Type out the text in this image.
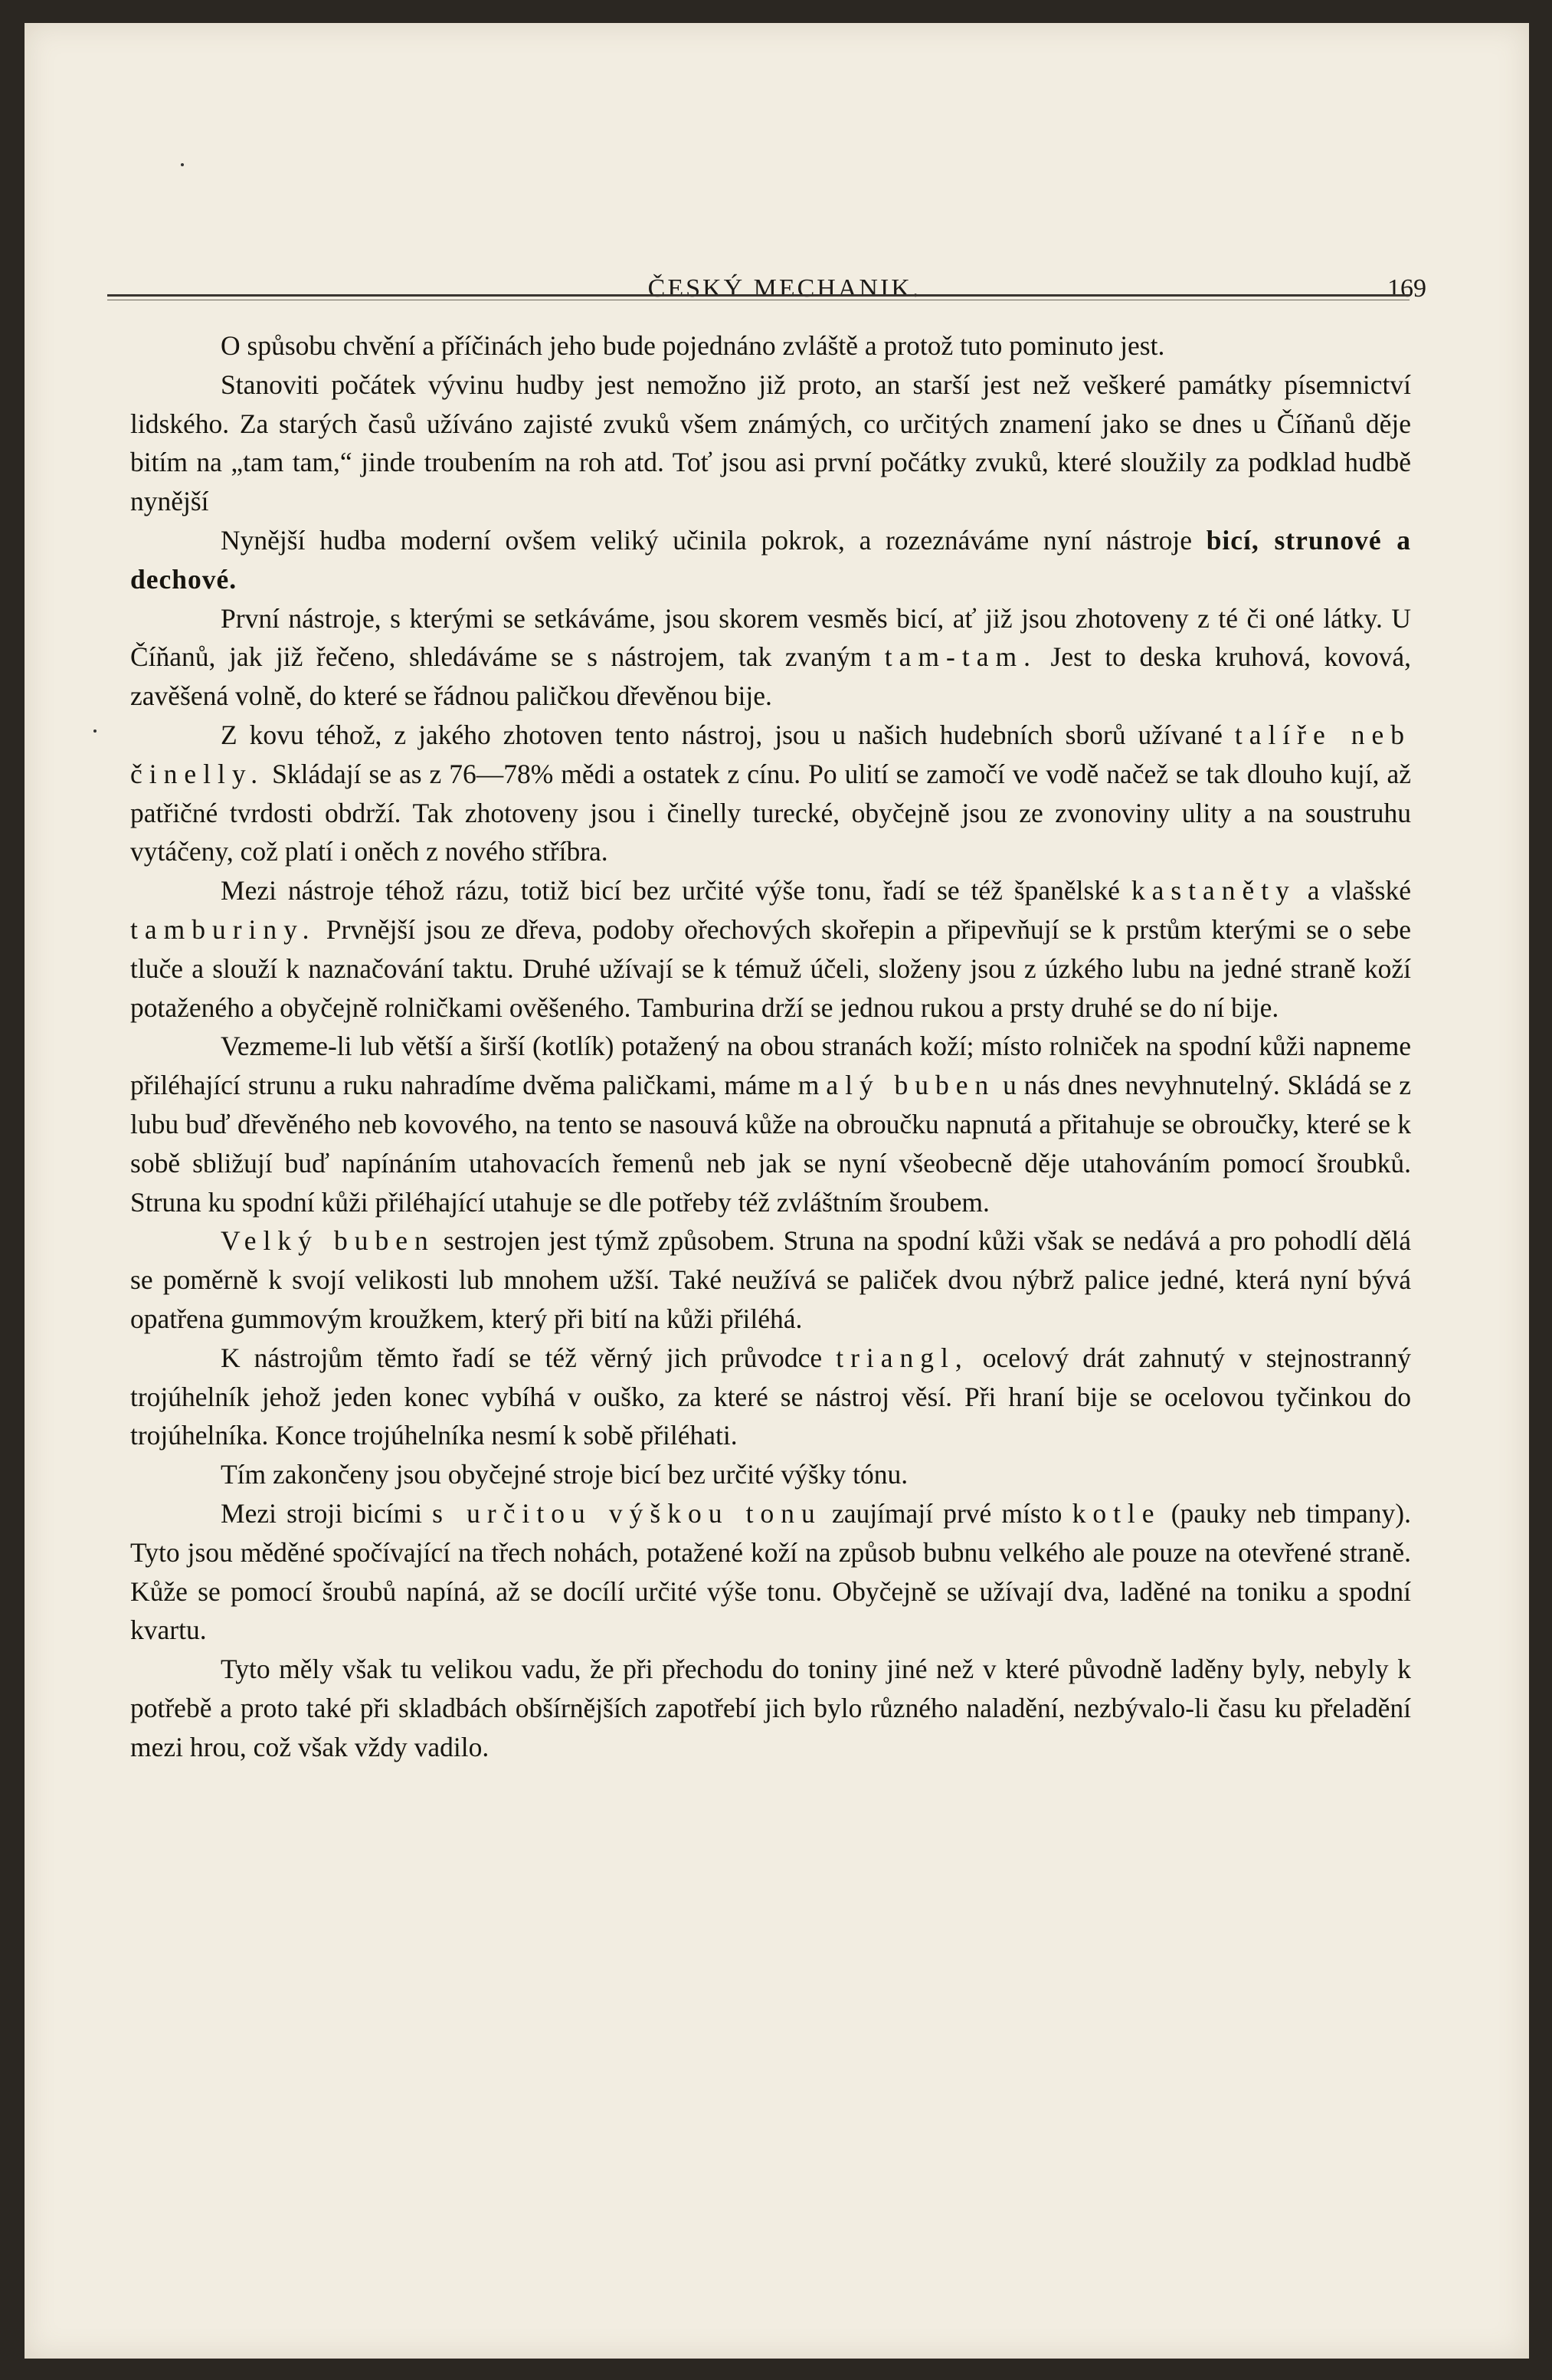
ČESKÝ MECHANIK.	169

O spůsobu chvění a příčinách jeho bude pojednáno zvláště a protož tuto pominuto jest.

Stanoviti počátek vývinu hudby jest nemožno již proto, an starší jest než veškeré památky písemnictví lidského. Za starých časů užíváno zajisté zvuků všem známých, co určitých znamení jako se dnes u Číňanů děje bitím na „tam tam,“ jinde troubením na roh atd. Toť jsou asi první počátky zvuků, které sloužily za podklad hudbě nynější

Nynější hudba moderní ovšem veliký učinila pokrok, a rozeznáváme nyní nástroje bicí, strunové a dechové.

První nástroje, s kterými se setkáváme, jsou skorem vesměs bicí, ať již jsou zhotoveny z té či oné látky. U Číňanů, jak již řečeno, shledáváme se s nástrojem, tak zvaným tam-tam. Jest to deska kruhová, kovová, zavěšená volně, do které se řádnou paličkou dřevěnou bije.

Z kovu téhož, z jakého zhotoven tento nástroj, jsou u našich hudebních sborů užívané talíře neb činelly. Skládají se as z 76—78% mědi a ostatek z cínu. Po ulití se zamočí ve vodě načež se tak dlouho kují, až patřičné tvrdosti obdrží. Tak zhotoveny jsou i činelly turecké, obyčejně jsou ze zvonoviny ulity a na soustruhu vytáčeny, což platí i oněch z nového stříbra.

Mezi nástroje téhož rázu, totiž bicí bez určité výše tonu, řadí se též španělské kastaněty a vlašské tamburiny. Prvnější jsou ze dřeva, podoby ořechových skořepin a připevňují se k prstům kterými se o sebe tluče a slouží k naznačování taktu. Druhé užívají se k témuž účeli, složeny jsou z úzkého lubu na jedné straně koží potaženého a obyčejně rolničkami ověšeného. Tamburina drží se jednou rukou a prsty druhé se do ní bije.

Vezmeme-li lub větší a širší (kotlík) potažený na obou stranách koží; místo rolniček na spodní kůži napneme přiléhající strunu a ruku nahradíme dvěma paličkami, máme malý buben u nás dnes nevyhnutelný. Skládá se z lubu buď dřevěného neb kovového, na tento se nasouvá kůže na obroučku napnutá a přitahuje se obroučky, které se k sobě sbližují buď napínáním utahovacích řemenů neb jak se nyní všeobecně děje utahováním pomocí šroubků. Struna ku spodní kůži přiléhající utahuje se dle potřeby též zvláštním šroubem.

Velký buben sestrojen jest týmž způsobem. Struna na spodní kůži však se nedává a pro pohodlí dělá se poměrně k svojí velikosti lub mnohem užší. Také neužívá se paliček dvou nýbrž palice jedné, která nyní bývá opatřena gummovým kroužkem, který při bití na kůži přiléhá.

K nástrojům těmto řadí se též věrný jich průvodce triangl, ocelový drát zahnutý v stejnostranný trojúhelník jehož jeden konec vybíhá v ouško, za které se nástroj věsí. Při hraní bije se ocelovou tyčinkou do trojúhelníka. Konce trojúhelníka nesmí k sobě přiléhati.

Tím zakončeny jsou obyčejné stroje bicí bez určité výšky tónu.

Mezi stroji bicími s určitou výškou tonu zaujímají prvé místo kotle (pauky neb timpany). Tyto jsou měděné spočívající na třech nohách, potažené koží na způsob bubnu velkého ale pouze na otevřené straně. Kůže se pomocí šroubů napíná, až se docílí určité výše tonu. Obyčejně se užívají dva, laděné na toniku a spodní kvartu.

Tyto měly však tu velikou vadu, že při přechodu do toniny jiné než v které původně laděny byly, nebyly k potřebě a proto také při skladbách obšírnějších zapotřebí jich bylo různého naladění, nezbývalo-li času ku přeladění mezi hrou, což však vždy vadilo.
